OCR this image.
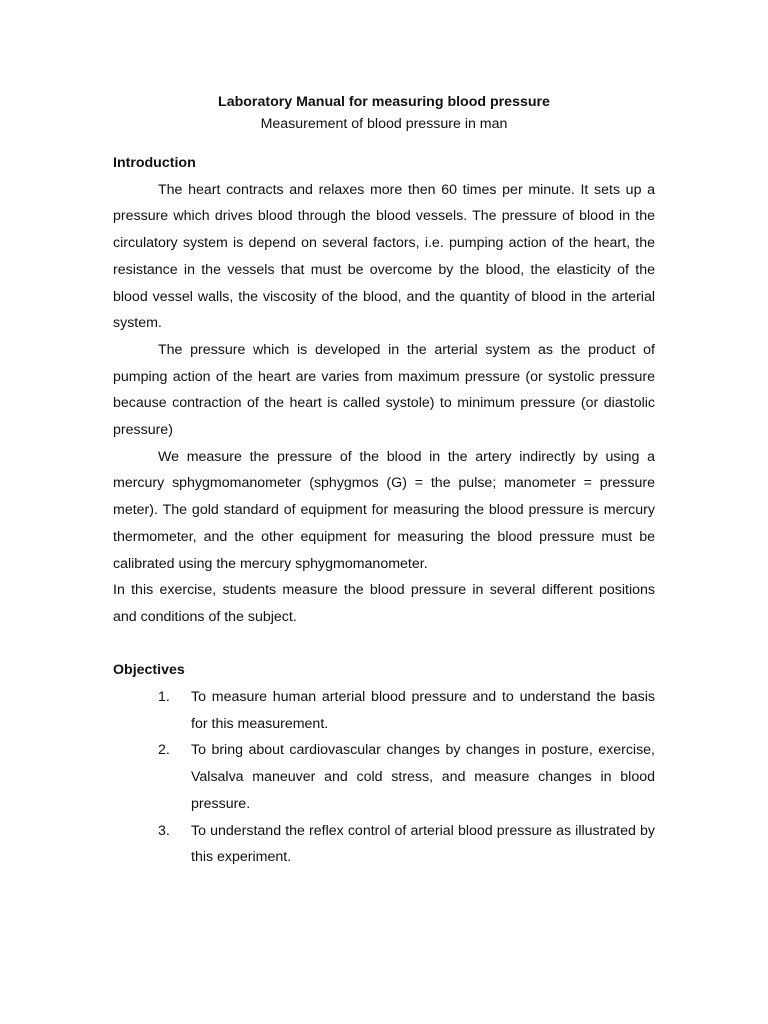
Laboratory Manual for measuring blood pressure

Measurement of blood pressure in man

Introduction

The heart contracts and relaxes more then 60 times per minute. It sets up a pressure which drives blood through the blood vessels. The pressure of blood in the circulatory system is depend on several factors, i.e. pumping action of the heart, the resistance in the vessels that must be overcome by the blood, the elasticity of the blood vessel walls, the viscosity of the blood, and the quantity of blood in the arterial system.

The pressure which is developed in the arterial system as the product of pumping action of the heart are varies from maximum pressure (or systolic pressure because contraction of the heart is called systole) to minimum pressure (or diastolic pressure)

We measure the pressure of the blood in the artery indirectly by using a mercury sphygmomanometer (sphygmos (G) = the pulse; manometer = pressure meter). The gold standard of equipment for measuring the blood pressure is mercury thermometer, and the other equipment for measuring the blood pressure must be calibrated using the mercury sphygmomanometer.

In this exercise, students measure the blood pressure in several different positions and conditions of the subject.

Objectives

1. To measure human arterial blood pressure and to understand the basis for this measurement.
2. To bring about cardiovascular changes by changes in posture, exercise, Valsalva maneuver and cold stress, and measure changes in blood pressure.
3. To understand the reflex control of arterial blood pressure as illustrated by this experiment.
